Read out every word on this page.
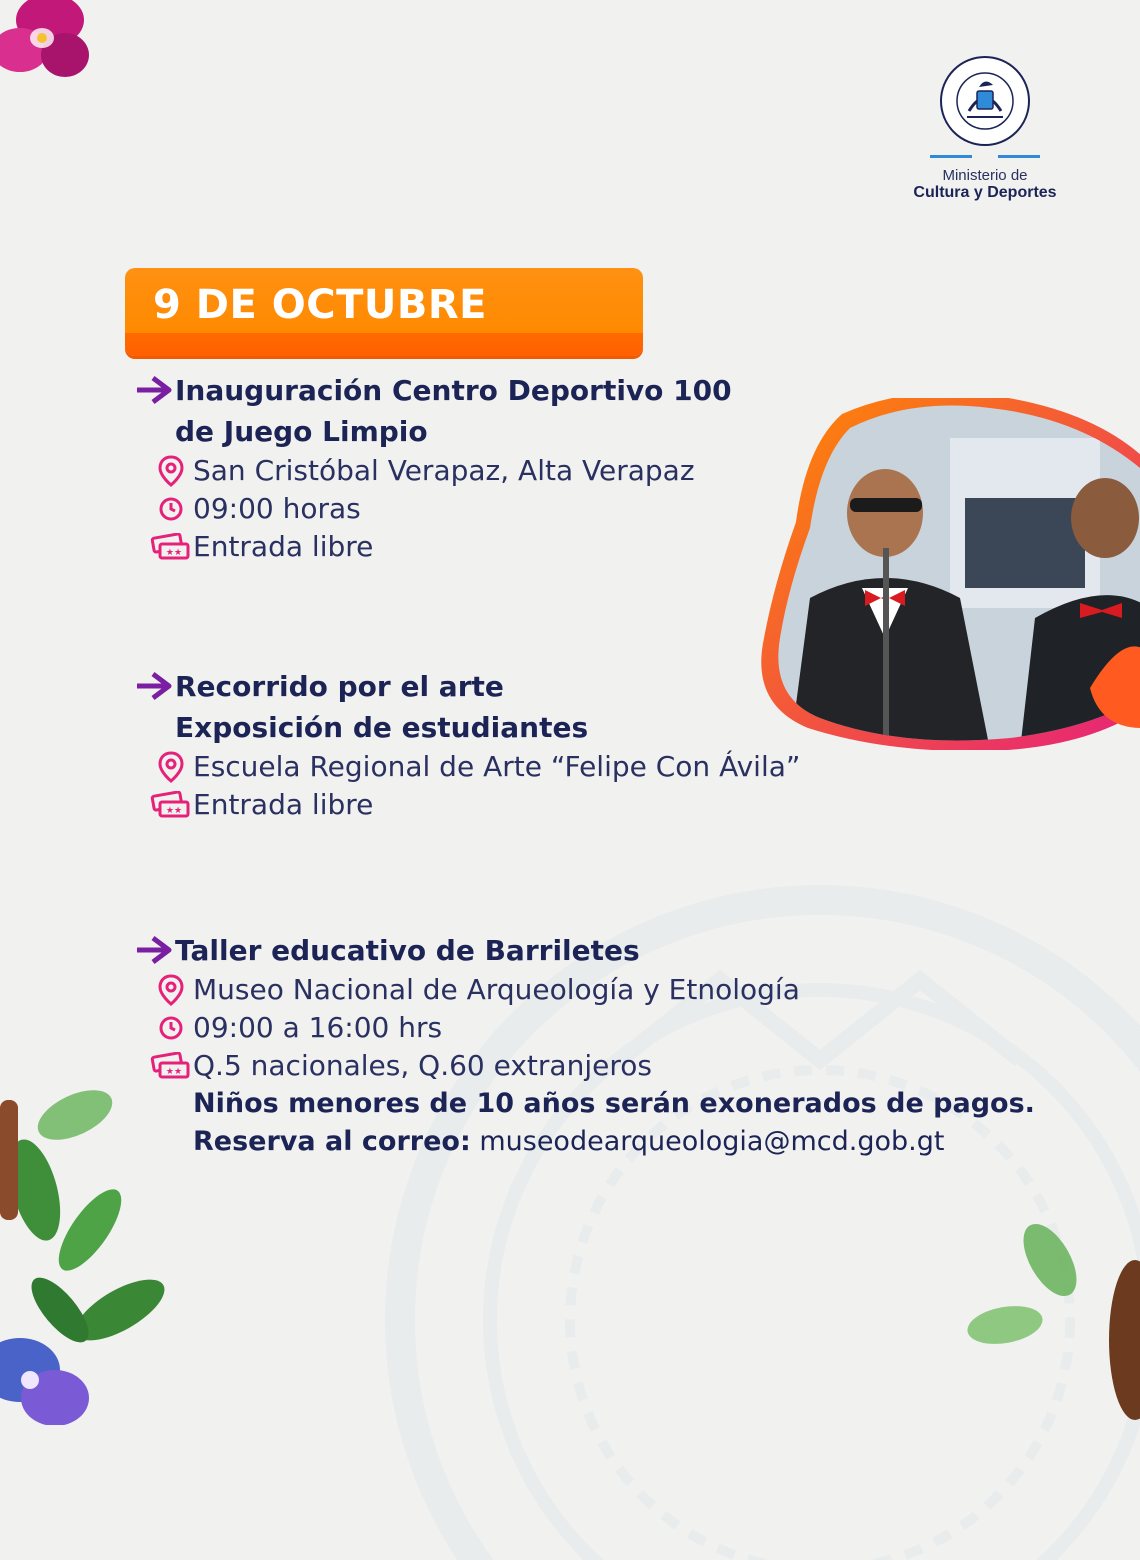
Ministerio de
Cultura y Deportes
9 DE OCTUBRE
Inauguración Centro Deportivo 100
de Juego Limpio
San Cristóbal Verapaz, Alta Verapaz
09:00 horas
★★ Entrada libre
Recorrido por el arte
Exposición de estudiantes
Escuela Regional de Arte “Felipe Con Ávila”
★★ Entrada libre
Taller educativo de Barriletes
Museo Nacional de Arqueología y Etnología
09:00 a 16:00 hrs
★★ Q.5 nacionales, Q.60 extranjeros
Niños menores de 10 años serán exonerados de pagos.
Reserva al correo: museodearqueologia@mcd.gob.gt
